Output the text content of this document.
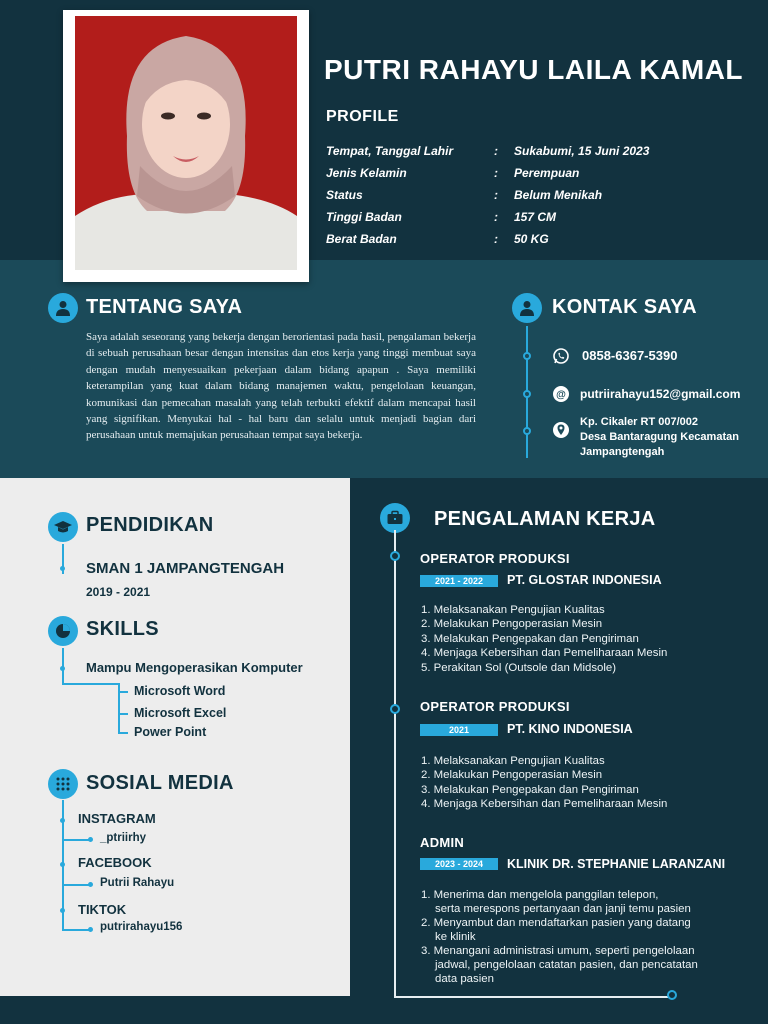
PUTRI RAHAYU LAILA KAMAL
PROFILE
Tempat, Tanggal Lahir	:	Sukabumi, 15 Juni 2023
Jenis Kelamin	:	Perempuan
Status	:	Belum Menikah
Tinggi Badan	:	157 CM
Berat Badan	:	50 KG
TENTANG SAYA
Saya adalah seseorang yang bekerja dengan berorientasi pada hasil, pengalaman bekerja di sebuah perusahaan besar dengan intensitas dan etos kerja yang tinggi membuat saya dengan mudah menyesuaikan pekerjaan dalam bidang apapun . Saya memiliki keterampilan yang kuat dalam bidang manajemen waktu, pengelolaan keuangan, komunikasi dan pemecahan masalah yang telah terbukti efektif dalam mencapai hasil yang signifikan. Menyukai hal - hal baru dan selalu untuk menjadi bagian dari perusahaan untuk memajukan perusahaan tempat saya bekerja.
KONTAK SAYA
0858-6367-5390
@ putriirahayu152@gmail.com
Kp. Cikaler RT 007/002
Desa Bantaragung Kecamatan
Jampangtengah
PENDIDIKAN
SMAN 1 JAMPANGTENGAH
2019 - 2021
SKILLS
Mampu Mengoperasikan Komputer
Microsoft Word
Microsoft Excel
Power Point
SOSIAL MEDIA
INSTAGRAM
_ptriirhy
FACEBOOK
Putrii Rahayu
TIKTOK
putrirahayu156
PENGALAMAN KERJA
OPERATOR PRODUKSI
2021 - 2022	PT. GLOSTAR INDONESIA
1. Melaksanakan Pengujian Kualitas
2. Melakukan Pengoperasian Mesin
3. Melakukan Pengepakan dan Pengiriman
4. Menjaga Kebersihan dan Pemeliharaan Mesin
5. Perakitan Sol (Outsole dan Midsole)
OPERATOR PRODUKSI
2021	PT. KINO INDONESIA
1. Melaksanakan Pengujian Kualitas
2. Melakukan Pengoperasian Mesin
3. Melakukan Pengepakan dan Pengiriman
4. Menjaga Kebersihan dan Pemeliharaan Mesin
ADMIN
2023 - 2024	KLINIK DR. STEPHANIE LARANZANI
1. Menerima dan mengelola panggilan telepon,
serta merespons pertanyaan dan janji temu pasien
2. Menyambut dan mendaftarkan pasien yang datang
ke klinik
3. Menangani administrasi umum, seperti pengelolaan
jadwal, pengelolaan catatan pasien, dan pencatatan
data pasien
